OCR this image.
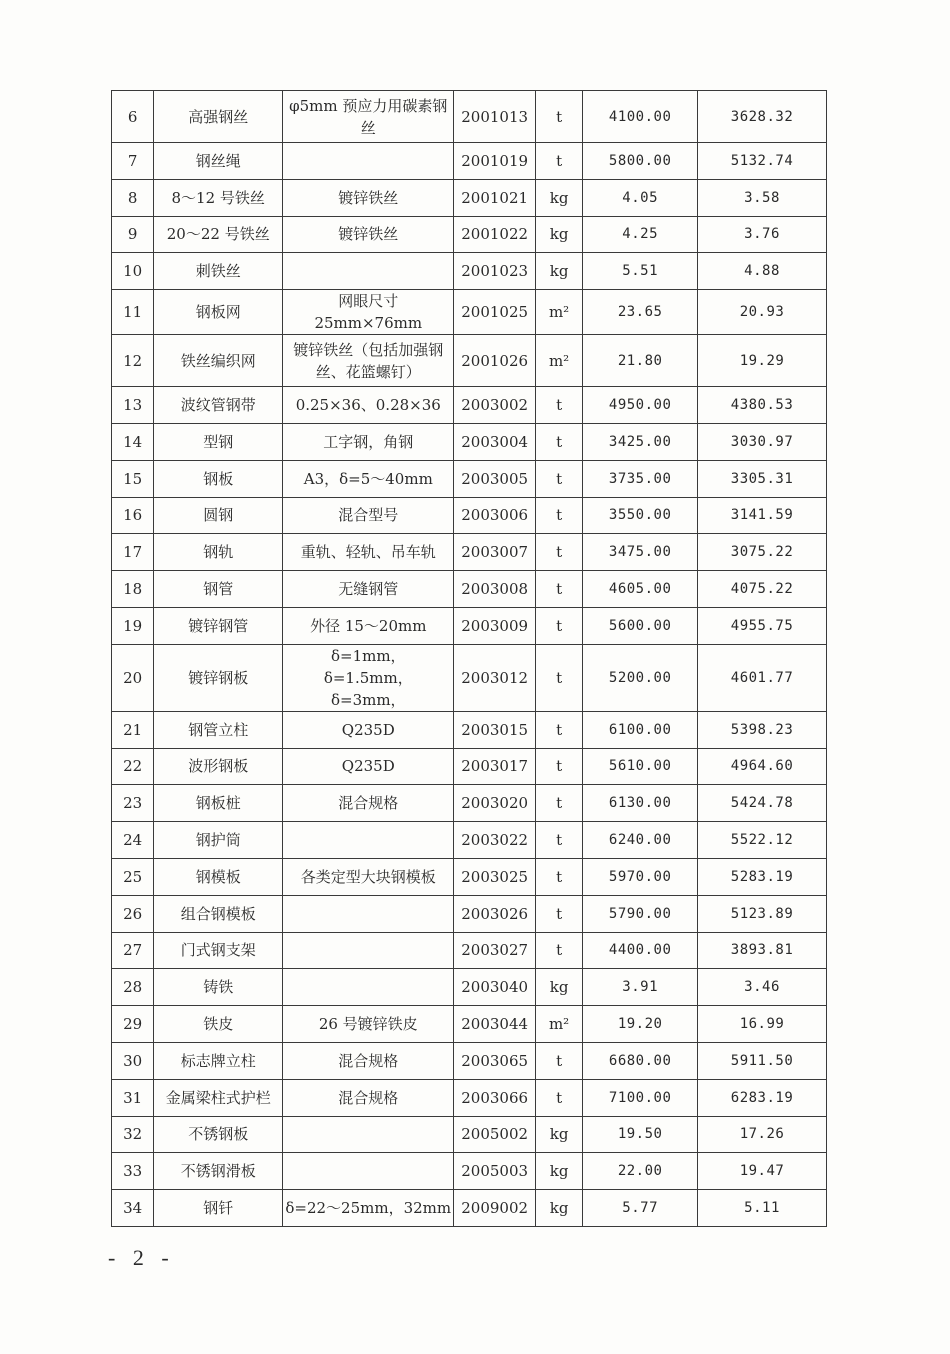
6	高强钢丝	φ5mm 预应力用碳素钢丝	2001013	t	4100.00	3628.32
7	钢丝绳		2001019	t	5800.00	5132.74
8	8～12 号铁丝	镀锌铁丝	2001021	kg	4.05	3.58
9	20～22 号铁丝	镀锌铁丝	2001022	kg	4.25	3.76
10	刺铁丝		2001023	kg	5.51	4.88
11	钢板网	网眼尺寸 25mm×76mm	2001025	m²	23.65	20.93
12	铁丝编织网	镀锌铁丝（包括加强钢丝、花篮螺钉）	2001026	m²	21.80	19.29
13	波纹管钢带	0.25×36、0.28×36	2003002	t	4950.00	4380.53
14	型钢	工字钢，角钢	2003004	t	3425.00	3030.97
15	钢板	A3，δ=5～40mm	2003005	t	3735.00	3305.31
16	圆钢	混合型号	2003006	t	3550.00	3141.59
17	钢轨	重轨、轻轨、吊车轨	2003007	t	3475.00	3075.22
18	钢管	无缝钢管	2003008	t	4605.00	4075.22
19	镀锌钢管	外径 15～20mm	2003009	t	5600.00	4955.75
20	镀锌钢板	δ=1mm， δ=1.5mm， δ=3mm，	2003012	t	5200.00	4601.77
21	钢管立柱	Q235D	2003015	t	6100.00	5398.23
22	波形钢板	Q235D	2003017	t	5610.00	4964.60
23	钢板桩	混合规格	2003020	t	6130.00	5424.78
24	钢护筒		2003022	t	6240.00	5522.12
25	钢模板	各类定型大块钢模板	2003025	t	5970.00	5283.19
26	组合钢模板		2003026	t	5790.00	5123.89
27	门式钢支架		2003027	t	4400.00	3893.81
28	铸铁		2003040	kg	3.91	3.46
29	铁皮	26 号镀锌铁皮	2003044	m²	19.20	16.99
30	标志牌立柱	混合规格	2003065	t	6680.00	5911.50
31	金属梁柱式护栏	混合规格	2003066	t	7100.00	6283.19
32	不锈钢板		2005002	kg	19.50	17.26
33	不锈钢滑板		2005003	kg	22.00	19.47
34	钢钎	δ=22～25mm，32mm	2009002	kg	5.77	5.11
- 2 -
